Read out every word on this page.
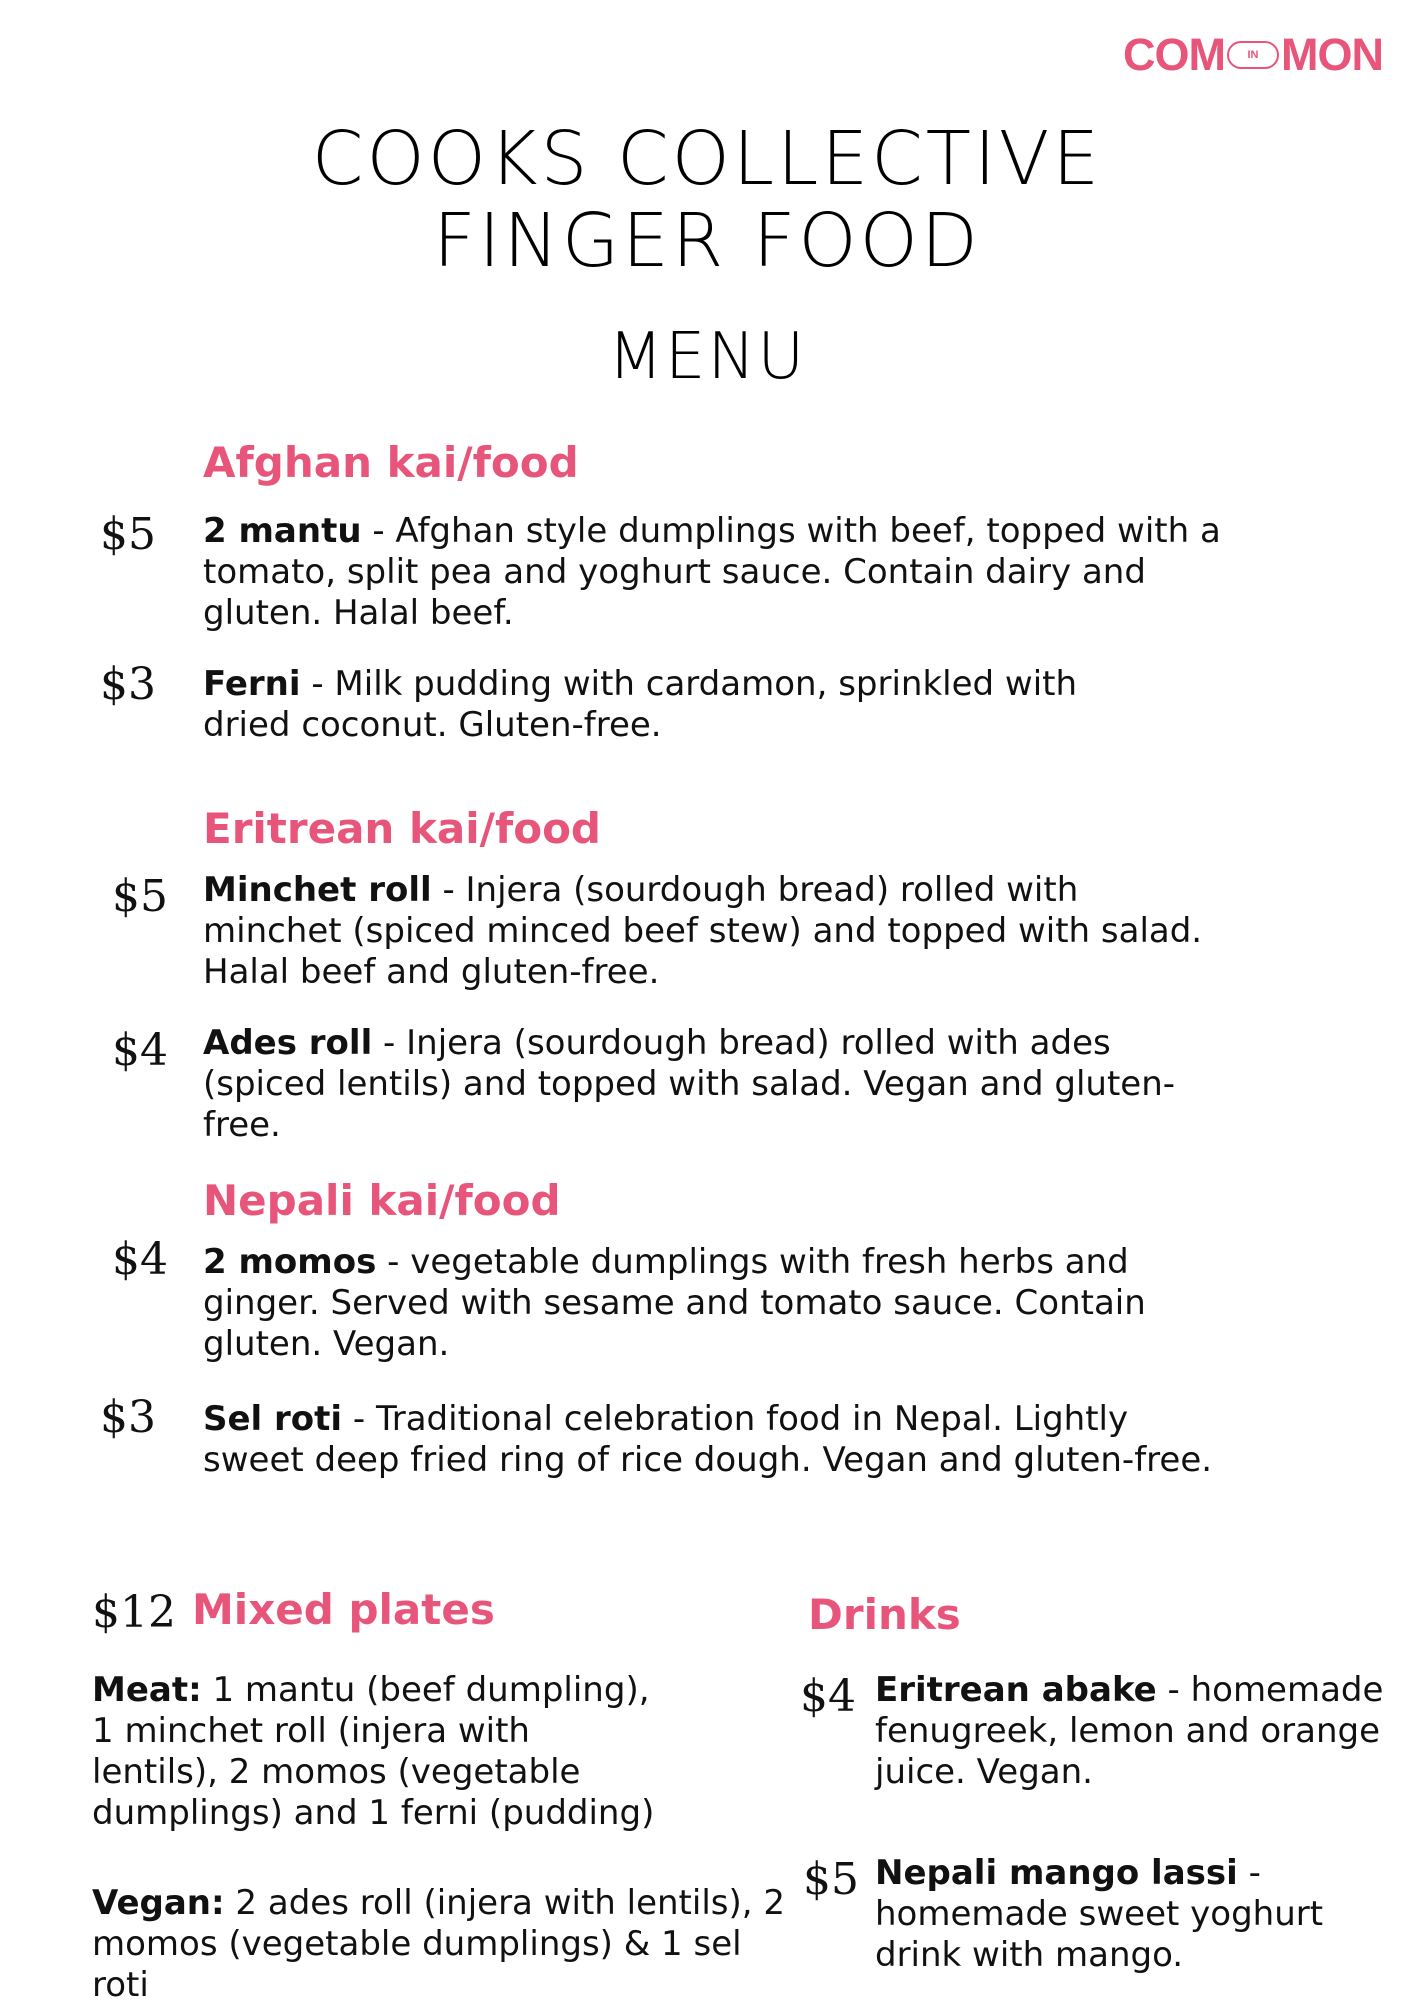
COM	IN MON
COOKS COLLECTIVE
FINGER FOOD
MENU
Afghan kai/food
$5 2 mantu - Afghan style dumplings with beef, topped with a tomato, split pea and yoghurt sauce. Contain dairy and gluten. Halal beef.
$3 Ferni - Milk pudding with cardamon, sprinkled with dried coconut. Gluten-free.
Eritrean kai/food
$5 Minchet roll - Injera (sourdough bread) rolled with minchet (spiced minced beef stew) and topped with salad. Halal beef and gluten-free.
$4 Ades roll - Injera (sourdough bread) rolled with ades (spiced lentils) and topped with salad. Vegan and gluten-free.
Nepali kai/food
$4 2 momos - vegetable dumplings with fresh herbs and ginger. Served with sesame and tomato sauce. Contain gluten. Vegan.
$3 Sel roti - Traditional celebration food in Nepal. Lightly sweet deep fried ring of rice dough. Vegan and gluten-free.
$12 Mixed plates
Meat: 1 mantu (beef dumpling), 1 minchet roll (injera with lentils), 2 momos (vegetable dumplings) and 1 ferni (pudding)
Vegan: 2 ades roll (injera with lentils), 2 momos (vegetable dumplings) & 1 sel roti
Drinks
$4 Eritrean abake - homemade fenugreek, lemon and orange juice. Vegan.
$5 Nepali mango lassi - homemade sweet yoghurt drink with mango.
